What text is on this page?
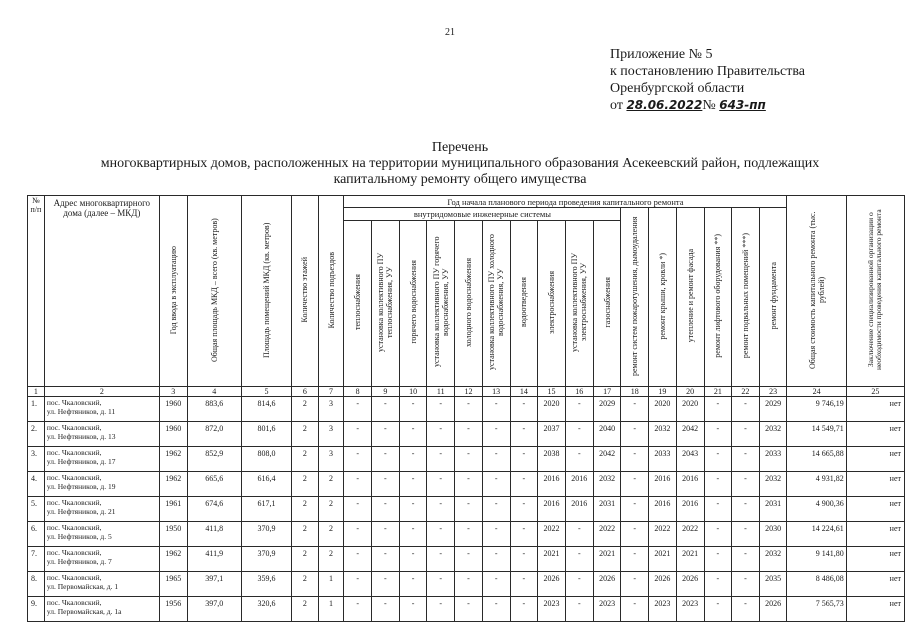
21
Приложение № 5
к постановлению Правительства
Оренбургской области
от 28.06.2022№ 643-пп
Перечень
многоквартирных домов, расположенных на территории муниципального образования Асекеевский район, подлежащих
капитальному ремонту общего имущества
№ п/п	Адрес многоквартирного дома (далее – МКД)	Год ввода в эксплуатацию	Общая площадь МКД – всего (кв. метров)	Площадь помещений МКД (кв. метров)	Количество этажей	Количество подъездов	Год начала планового периода проведения капитального ремонта																Общая стоимость капитального ремонта (тыс. рублей)	Заключение специализированной организации о необходимости проведения капитального ремонта
							внутридомовые инженерные системы										ремонт систем пожаротушения, дымоудаления	ремонт крыши, кровли *)	утепление и ремонт фасада	ремонт лифтового оборудования **)	ремонт подвальных помещений ***)	ремонт фундамента		
							теплоснабжения	установка коллективного ПУ теплоснабжения, УУ	горячего водоснабжения	установка коллективного ПУ горячего водоснабжения, УУ	холодного водоснабжения	установка коллективного ПУ холодного водоснабжения, УУ	водоотведения	электроснабжения	установка коллективного ПУ электроснабжения, УУ	газоснабжения								
1	2	3	4	5	6	7	8	9	10	11	12	13	14	15	16	17	18	19	20	21	22	23	24	25
1.	пос. Чкаловский,
ул. Нефтяников, д. 11	1960	883,6	814,6	2	3	-	-	-	-	-	-	-	2020	-	2029	-	2020	2020	-	-	2029	9 746,19	нет
2.	пос. Чкаловский,
ул. Нефтяников, д. 13	1960	872,0	801,6	2	3	-	-	-	-	-	-	-	2037	-	2040	-	2032	2042	-	-	2032	14 549,71	нет
3.	пос. Чкаловский,
ул. Нефтяников, д. 17	1962	852,9	808,0	2	3	-	-	-	-	-	-	-	2038	-	2042	-	2033	2043	-	-	2033	14 665,88	нет
4.	пос. Чкаловский,
ул. Нефтяников, д. 19	1962	665,6	616,4	2	2	-	-	-	-	-	-	-	2016	2016	2032	-	2016	2016	-	-	2032	4 931,82	нет
5.	пос. Чкаловский,
ул. Нефтяников, д. 21	1961	674,6	617,1	2	2	-	-	-	-	-	-	-	2016	2016	2031	-	2016	2016	-	-	2031	4 900,36	нет
6.	пос. Чкаловский,
ул. Нефтяников, д. 5	1950	411,8	370,9	2	2	-	-	-	-	-	-	-	2022	-	2022	-	2022	2022	-	-	2030	14 224,61	нет
7.	пос. Чкаловский,
ул. Нефтяников, д. 7	1962	411,9	370,9	2	2	-	-	-	-	-	-	-	2021	-	2021	-	2021	2021	-	-	2032	9 141,80	нет
8.	пос. Чкаловский,
ул. Первомайская, д. 1	1965	397,1	359,6	2	1	-	-	-	-	-	-	-	2026	-	2026	-	2026	2026	-	-	2035	8 486,08	нет
9.	пос. Чкаловский,
ул. Первомайская, д. 1а	1956	397,0	320,6	2	1	-	-	-	-	-	-	-	2023	-	2023	-	2023	2023	-	-	2026	7 565,73	нет
